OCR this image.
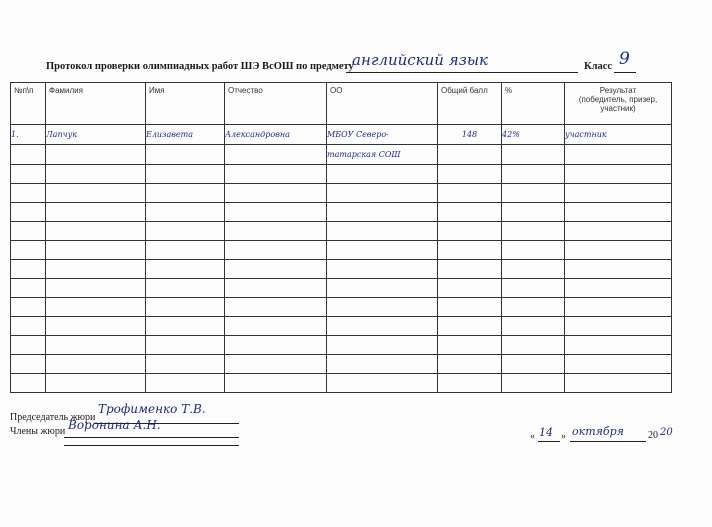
Протокол проверки олимпиадных работ ШЭ ВсОШ по предмету
английский язык	Класс 9
№п\п	Фамилия	Имя	Отчество	ОО	Общий балл	%	Результат
(победитель, призер, участник)
1.	Лапчук	Елизавета	Александровна	МБОУ Северо-	148	42%	участник
				татарская СОШ			

Председатель жюри
Трофименко Т.В.
Члены жюри Воронина А.Н.
« 14 » октября 20 20
